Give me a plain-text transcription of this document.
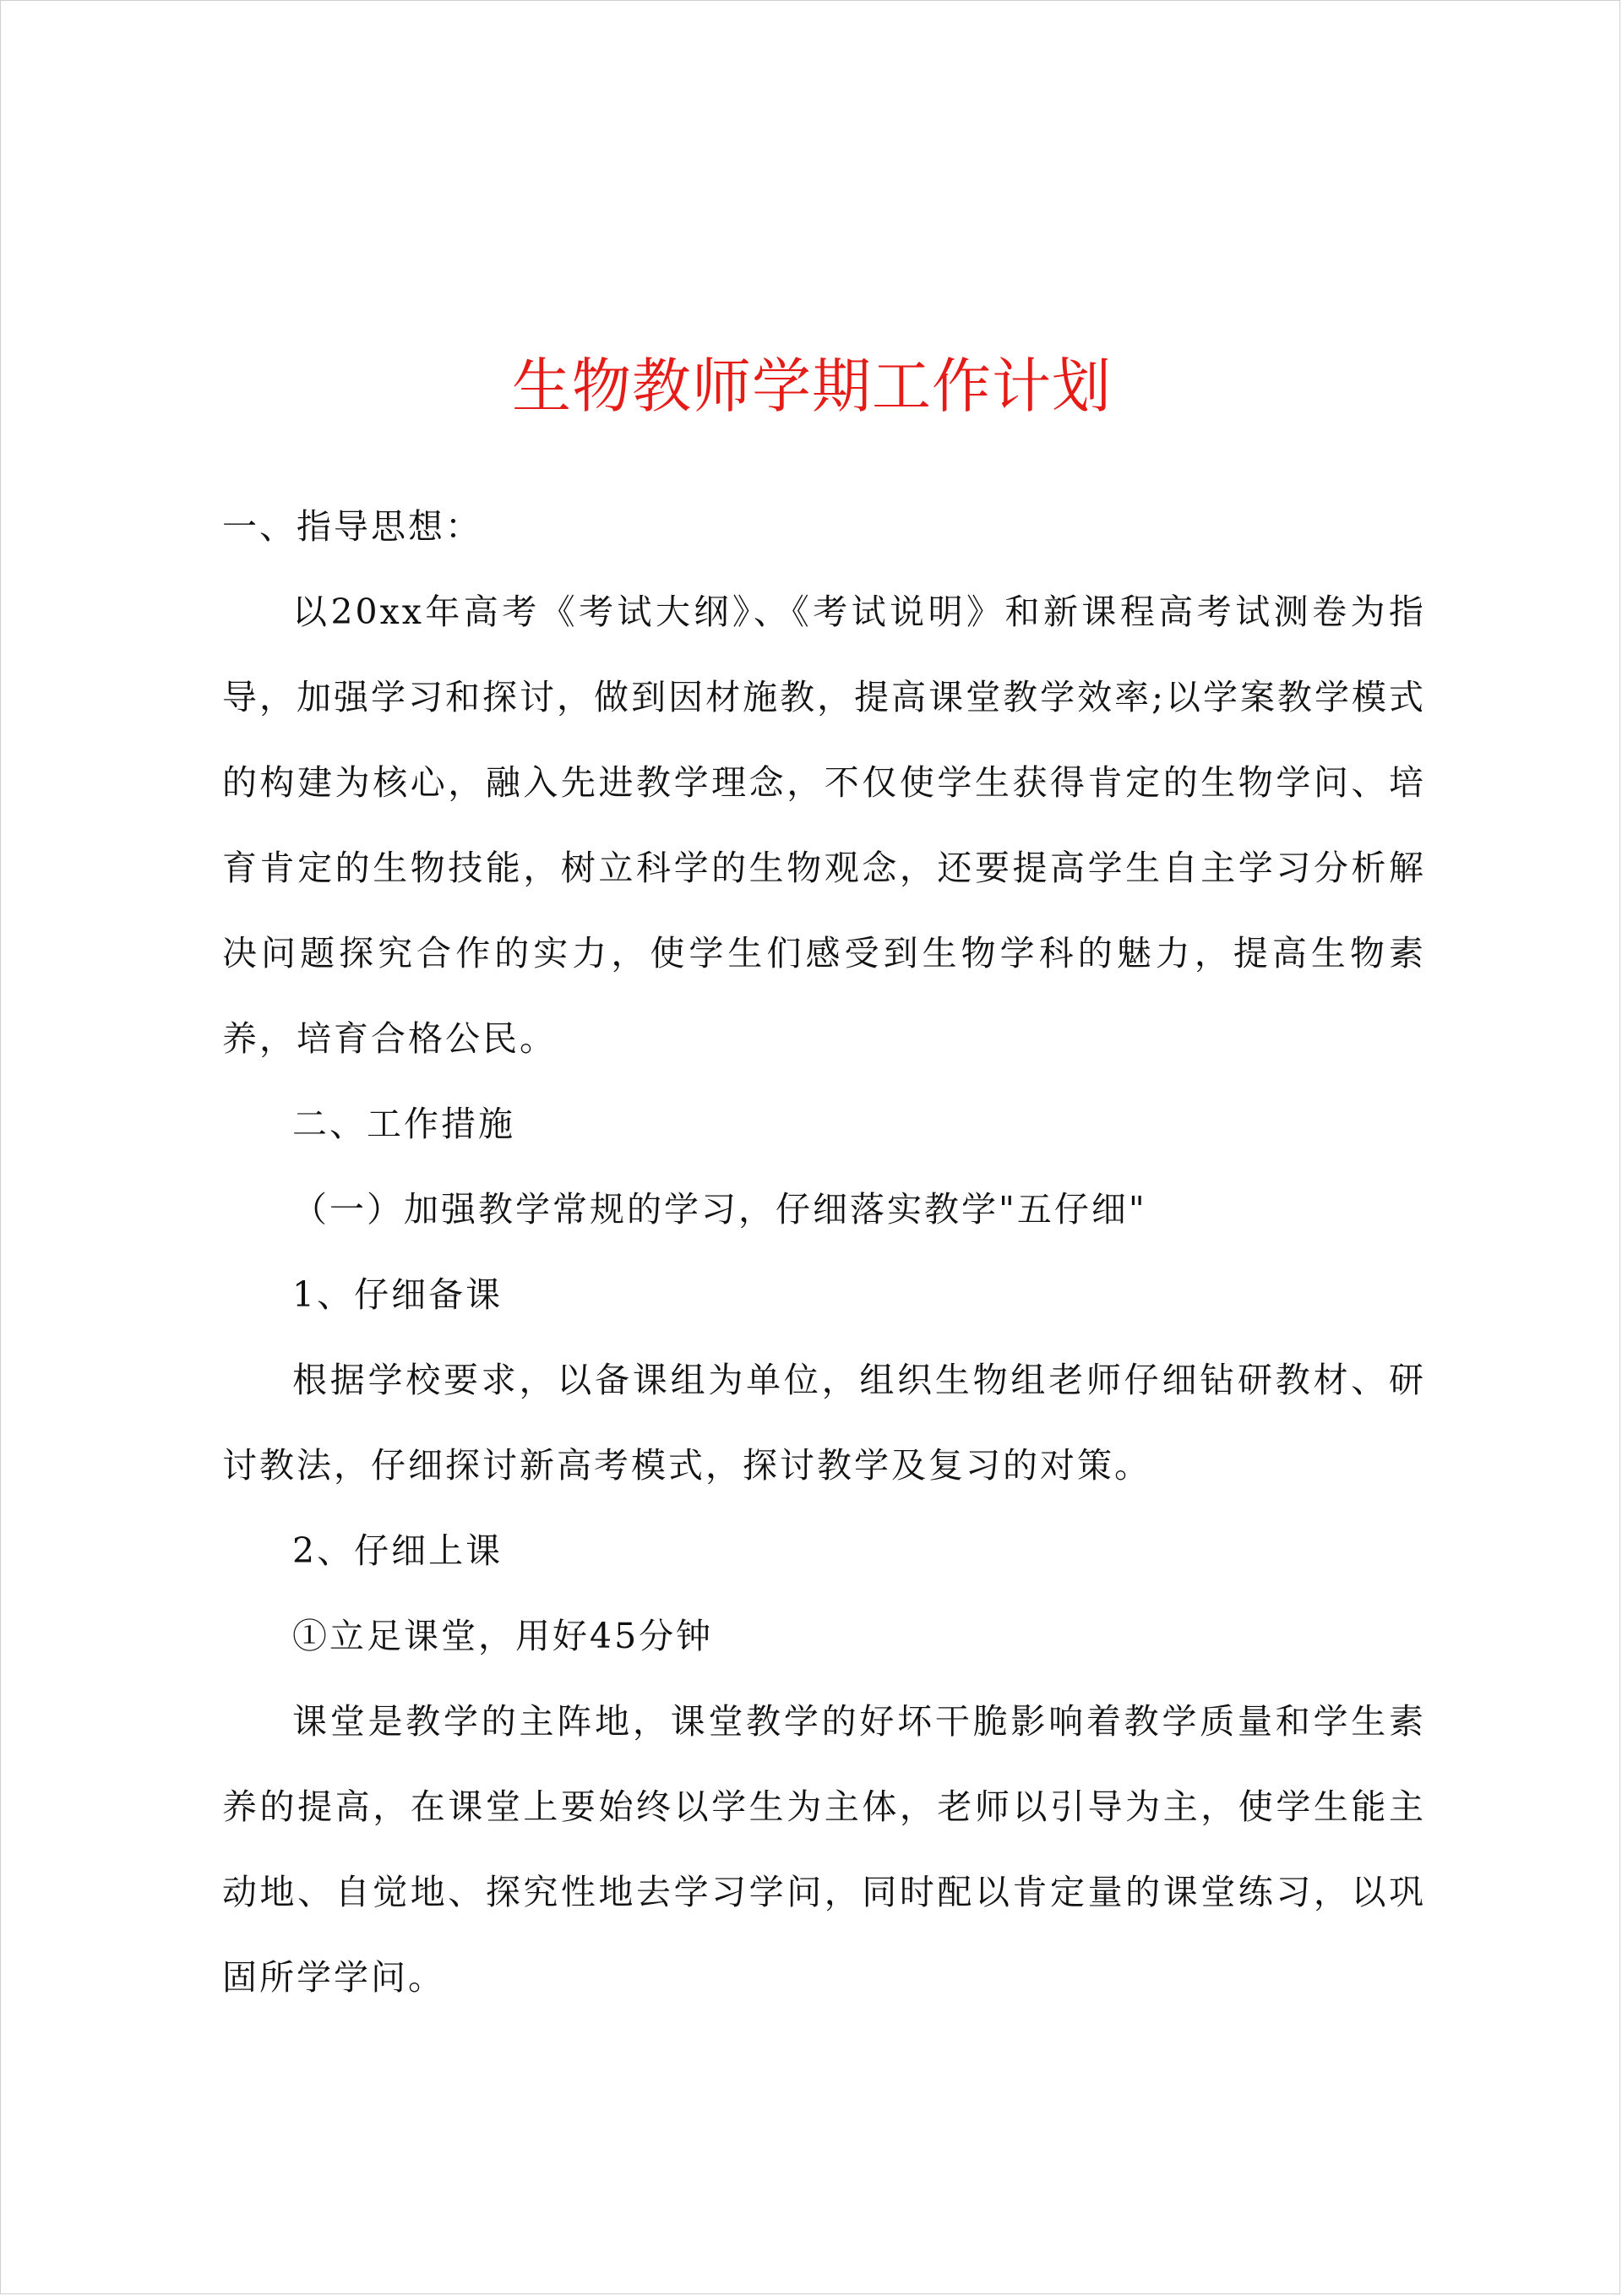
生物教师学期工作计划

一、指导思想：

以20xx年高考《考试大纲》、《考试说明》和新课程高考试测卷为指导，加强学习和探讨，做到因材施教，提高课堂教学效率;以学案教学模式的构建为核心，融入先进教学理念，不仅使学生获得肯定的生物学问、培育肯定的生物技能，树立科学的生物观念，还要提高学生自主学习分析解决问题探究合作的实力，使学生们感受到生物学科的魅力，提高生物素养，培育合格公民。

二、工作措施

（一）加强教学常规的学习，仔细落实教学"五仔细"

1、仔细备课

根据学校要求，以备课组为单位，组织生物组老师仔细钻研教材、研讨教法，仔细探讨新高考模式，探讨教学及复习的对策。

2、仔细上课

①立足课堂，用好45分钟

课堂是教学的主阵地，课堂教学的好坏干脆影响着教学质量和学生素养的提高，在课堂上要始终以学生为主体，老师以引导为主，使学生能主动地、自觉地、探究性地去学习学问，同时配以肯定量的课堂练习，以巩固所学学问。
